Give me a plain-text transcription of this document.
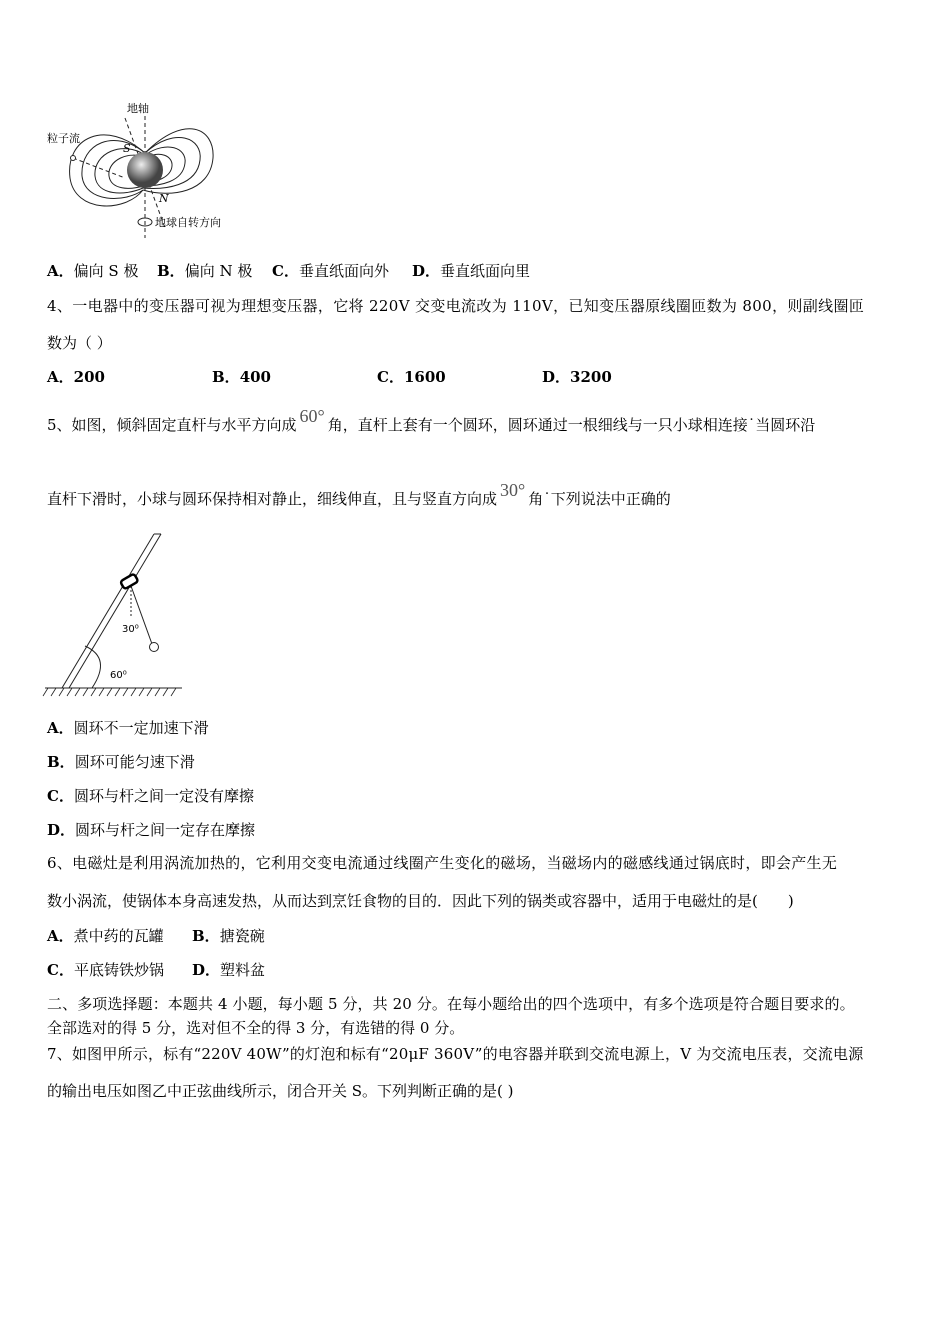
地轴
粒子流
S
N
地球自转方向
A．偏向 S 极 B．偏向 N 极 C．垂直纸面向外 D．垂直纸面向里
4、一电器中的变压器可视为理想变压器，它将 220V 交变电流改为 110V，已知变压器原线圈匝数为 800，则副线圈匝
数为（ ）
A．200	B．400	C．1600	D．3200
5、如图，倾斜固定直杆与水平方向成 60° 角，直杆上套有一个圆环，圆环通过一根细线与一只小球相连接˙当圆环沿
直杆下滑时，小球与圆环保持相对静止，细线伸直，且与竖直方向成 30° 角˙下列说法中正确的
30⁰
60⁰
A．圆环不一定加速下滑
B．圆环可能匀速下滑
C．圆环与杆之间一定没有摩擦
D．圆环与杆之间一定存在摩擦
6、电磁灶是利用涡流加热的，它利用交变电流通过线圈产生变化的磁场，当磁场内的磁感线通过锅底时，即会产生无
数小涡流，使锅体本身高速发热，从而达到烹饪食物的目的．因此下列的锅类或容器中，适用于电磁灶的是(　　)
A．煮中药的瓦罐 B．搪瓷碗
C．平底铸铁炒锅 D．塑料盆
二、多项选择题：本题共 4 小题，每小题 5 分，共 20 分。在每小题给出的四个选项中，有多个选项是符合题目要求的。
全部选对的得 5 分，选对但不全的得 3 分，有选错的得 0 分。
7、如图甲所示，标有“220V 40W”的灯泡和标有“20μF 360V”的电容器并联到交流电源上，V 为交流电压表，交流电源
的输出电压如图乙中正弦曲线所示，闭合开关 S。下列判断正确的是( )
